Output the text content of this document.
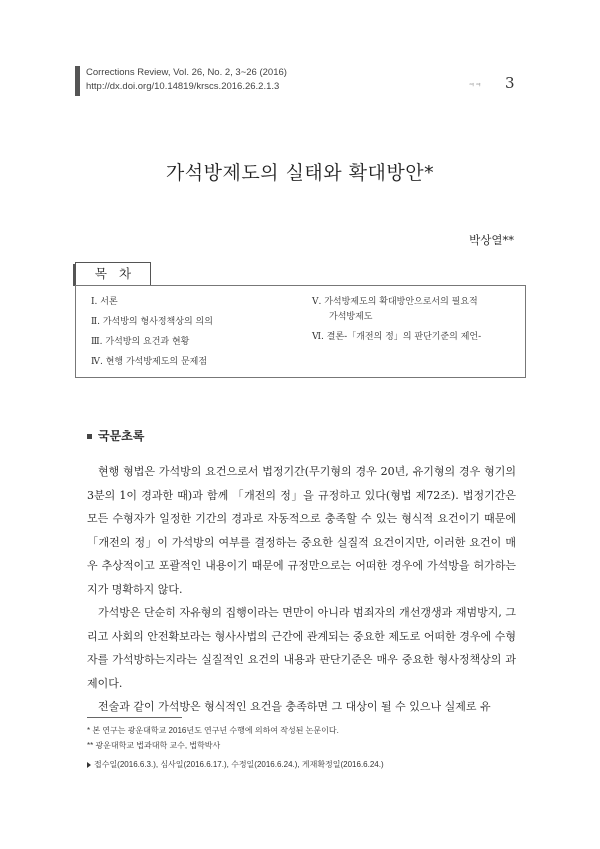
Corrections Review, Vol. 26, No. 2, 3~26 (2016)
http://dx.doi.org/10.14819/krscs.2016.26.2.1.3	ㅋㅋ 3
가석방제도의 실태와 확대방안*
박상열**
목차
Ⅰ. 서론
Ⅱ. 가석방의 형사정책상의 의의
Ⅲ. 가석방의 요건과 현황
Ⅳ. 현행 가석방제도의 문제점
Ⅴ. 가석방제도의 확대방안으로서의 필요적
가석방제도
Ⅵ. 결론-「개전의 정」의 판단기준의 제언-
국문초록

현행 형법은 가석방의 요건으로서 법정기간(무기형의 경우 20년, 유기형의 경우 형기의 3분의 1이 경과한 때)과 함께 「개전의 정」을 규정하고 있다(형법 제72조). 법정기간은 모든 수형자가 일정한 기간의 경과로 자동적으로 충족할 수 있는 형식적 요건이기 때문에 「개전의 정」이 가석방의 여부를 결정하는 중요한 실질적 요건이지만, 이러한 요건이 매우 추상적이고 포괄적인 내용이기 때문에 규정만으로는 어떠한 경우에 가석방을 허가하는지가 명확하지 않다.

가석방은 단순히 자유형의 집행이라는 면만이 아니라 범죄자의 개선갱생과 재범방지, 그리고 사회의 안전확보라는 형사사법의 근간에 관계되는 중요한 제도로 어떠한 경우에 수형자를 가석방하는지라는 실질적인 요건의 내용과 판단기준은 매우 중요한 형사정책상의 과제이다.

전술과 같이 가석방은 형식적인 요건을 충족하면 그 대상이 될 수 있으나 실제로 유

* 본 연구는 광운대학교 2016년도 연구년 수행에 의하여 작성된 논문이다.
** 광운대학교 법과대학 교수, 법학박사
접수일(2016.6.3.), 심사일(2016.6.17.), 수정일(2016.6.24.), 게재확정일(2016.6.24.)
